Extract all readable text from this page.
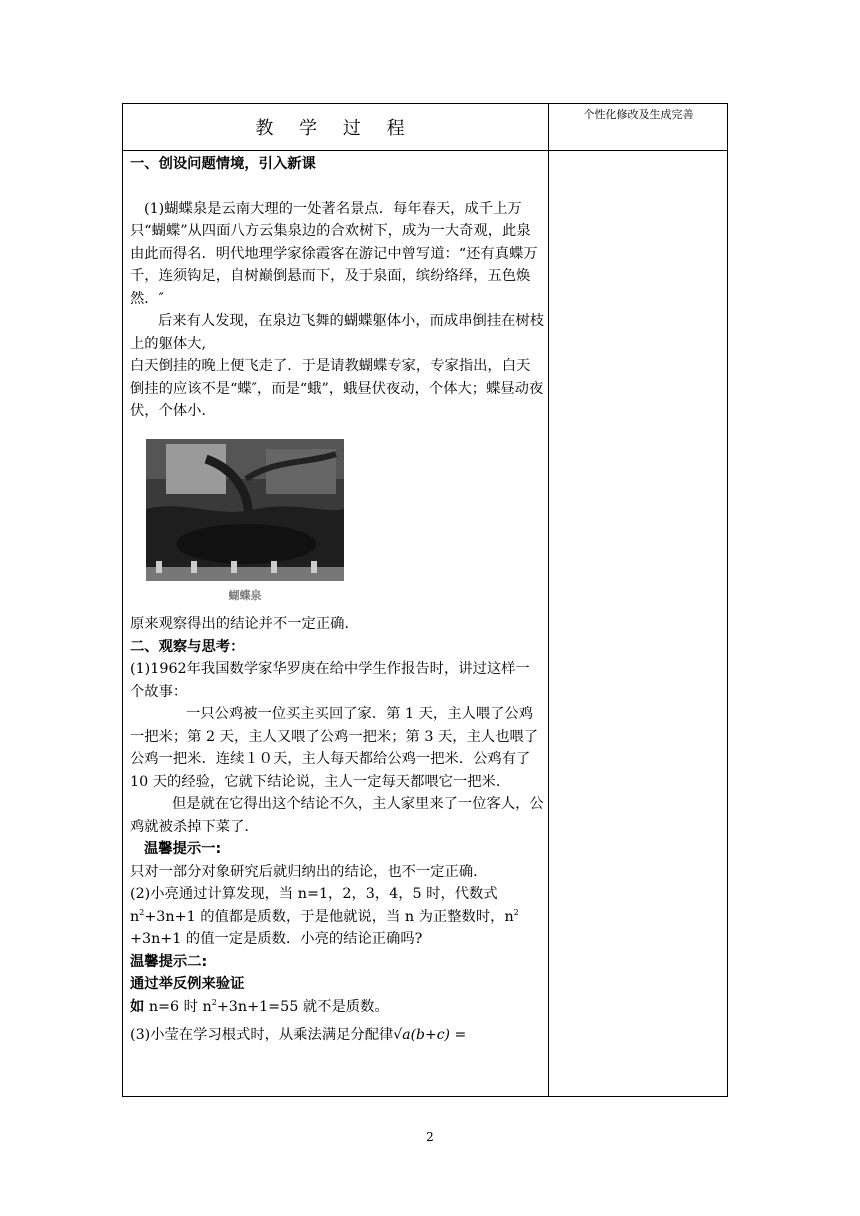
教 学 过 程
个性化修改及生成完善

一、创设问题情境，引入新课

(1)蝴蝶泉是云南大理的一处著名景点．每年春天，成千上万只“蝴蝶”从四面八方云集泉边的合欢树下，成为一大奇观，此泉由此而得名．明代地理学家徐霞客在游记中曾写道：“还有真蝶万千，连须钩足，自树巅倒悬而下，及于泉面，缤纷络绎，五色焕然．″

后来有人发现，在泉边飞舞的蝴蝶躯体小，而成串倒挂在树枝上的躯体大,

白天倒挂的晚上便飞走了．于是请教蝴蝶专家，专家指出，白天倒挂的应该不是“蝶″，而是“蛾”，蛾昼伏夜动，个体大；蝶昼动夜伏，个体小．

蝴蝶泉

原来观察得出的结论并不一定正确．

二、观察与思考：

(1)1962年我国数学家华罗庚在给中学生作报告时，讲过这样一个故事：

一只公鸡被一位买主买回了家．第 1 天，主人喂了公鸡一把米；第 2 天，主人又喂了公鸡一把米；第 3 天，主人也喂了公鸡一把米．连续１０天，主人每天都给公鸡一把米．公鸡有了 10 天的经验，它就下结论说，主人一定每天都喂它一把米．

但是就在它得出这个结论不久，主人家里来了一位客人，公鸡就被杀掉下菜了．

温馨提示一:

只对一部分对象研究后就归纳出的结论，也不一定正确.

(2)小亮通过计算发现，当 n=1，2，3，4，5 时，代数式 $n^2+3n+1$ 的值都是质数，于是他就说，当 n 为正整数时，$n^2 +3n+1$ 的值一定是质数．小亮的结论正确吗?

温馨提示二:

通过举反例来验证

如 n=6 时 $n^2+3n+1=55$ 就不是质数。

(3)小莹在学习根式时，从乘法满足分配律√a(b+c) =

2
